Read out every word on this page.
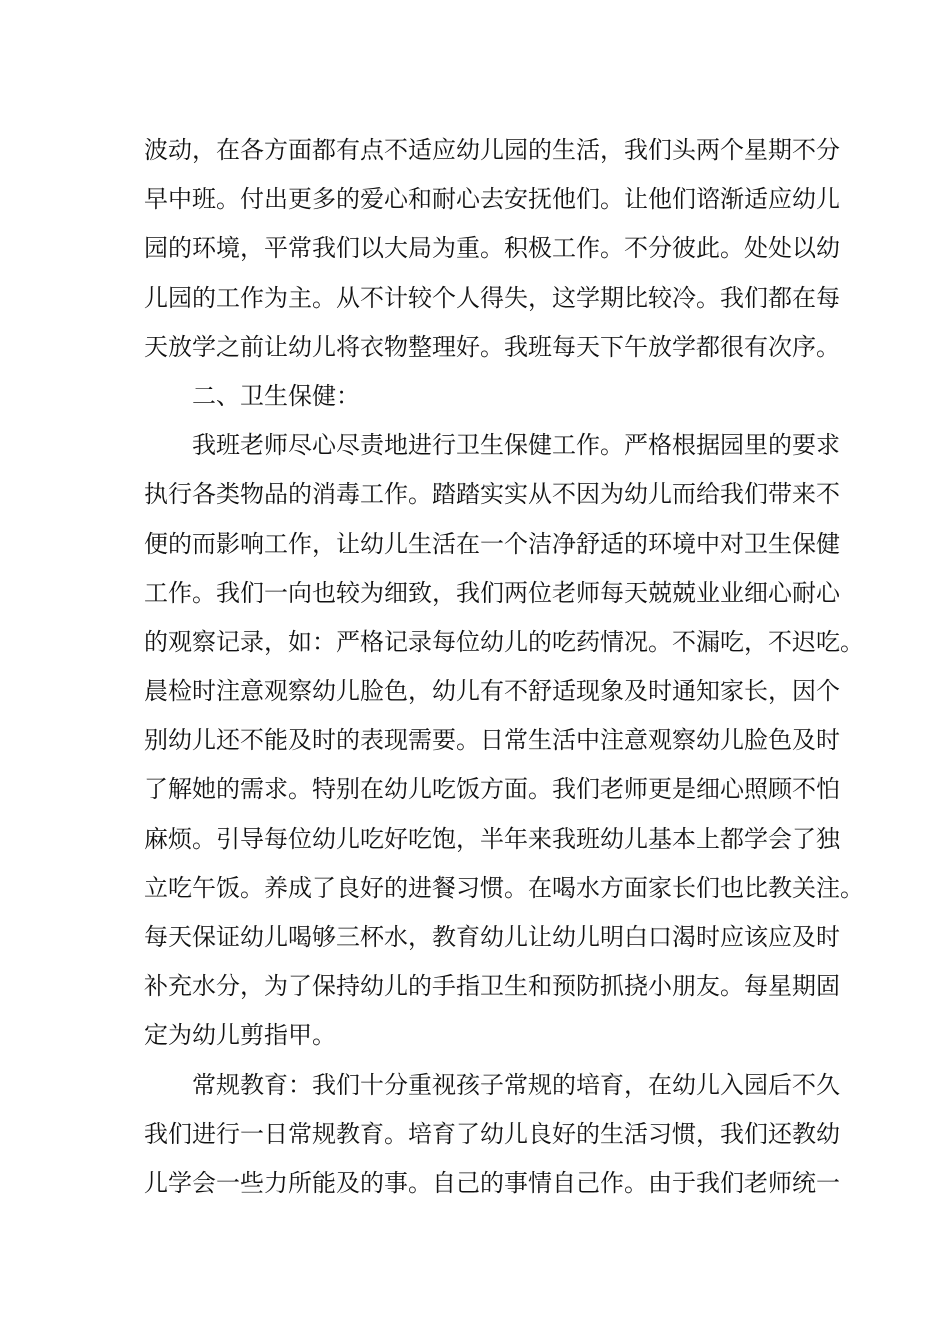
波动，在各方面都有点不适应幼儿园的生活，我们头两个星期不分
早中班。付出更多的爱心和耐心去安抚他们。让他们谘渐适应幼儿
园的环境，平常我们以大局为重。积极工作。不分彼此。处处以幼
儿园的工作为主。从不计较个人得失，这学期比较冷。我们都在每
天放学之前让幼儿将衣物整理好。我班每天下午放学都很有次序。
二、卫生保健：
我班老师尽心尽责地进行卫生保健工作。严格根据园里的要求
执行各类物品的消毒工作。踏踏实实从不因为幼儿而给我们带来不
便的而影响工作，让幼儿生活在一个洁净舒适的环境中对卫生保健
工作。我们一向也较为细致，我们两位老师每天兢兢业业细心耐心
的观察记录，如：严格记录每位幼儿的吃药情况。不漏吃，不迟吃。
晨检时注意观察幼儿脸色，幼儿有不舒适现象及时通知家长，因个
别幼儿还不能及时的表现需要。日常生活中注意观察幼儿脸色及时
了解她的需求。特别在幼儿吃饭方面。我们老师更是细心照顾不怕
麻烦。引导每位幼儿吃好吃饱，半年来我班幼儿基本上都学会了独
立吃午饭。养成了良好的进餐习惯。在喝水方面家长们也比教关注。
每天保证幼儿喝够三杯水，教育幼儿让幼儿明白口渴时应该应及时
补充水分，为了保持幼儿的手指卫生和预防抓挠小朋友。每星期固
定为幼儿剪指甲。
常规教育：我们十分重视孩子常规的培育，在幼儿入园后不久
我们进行一日常规教育。培育了幼儿良好的生活习惯，我们还教幼
儿学会一些力所能及的事。自己的事情自己作。由于我们老师统一
